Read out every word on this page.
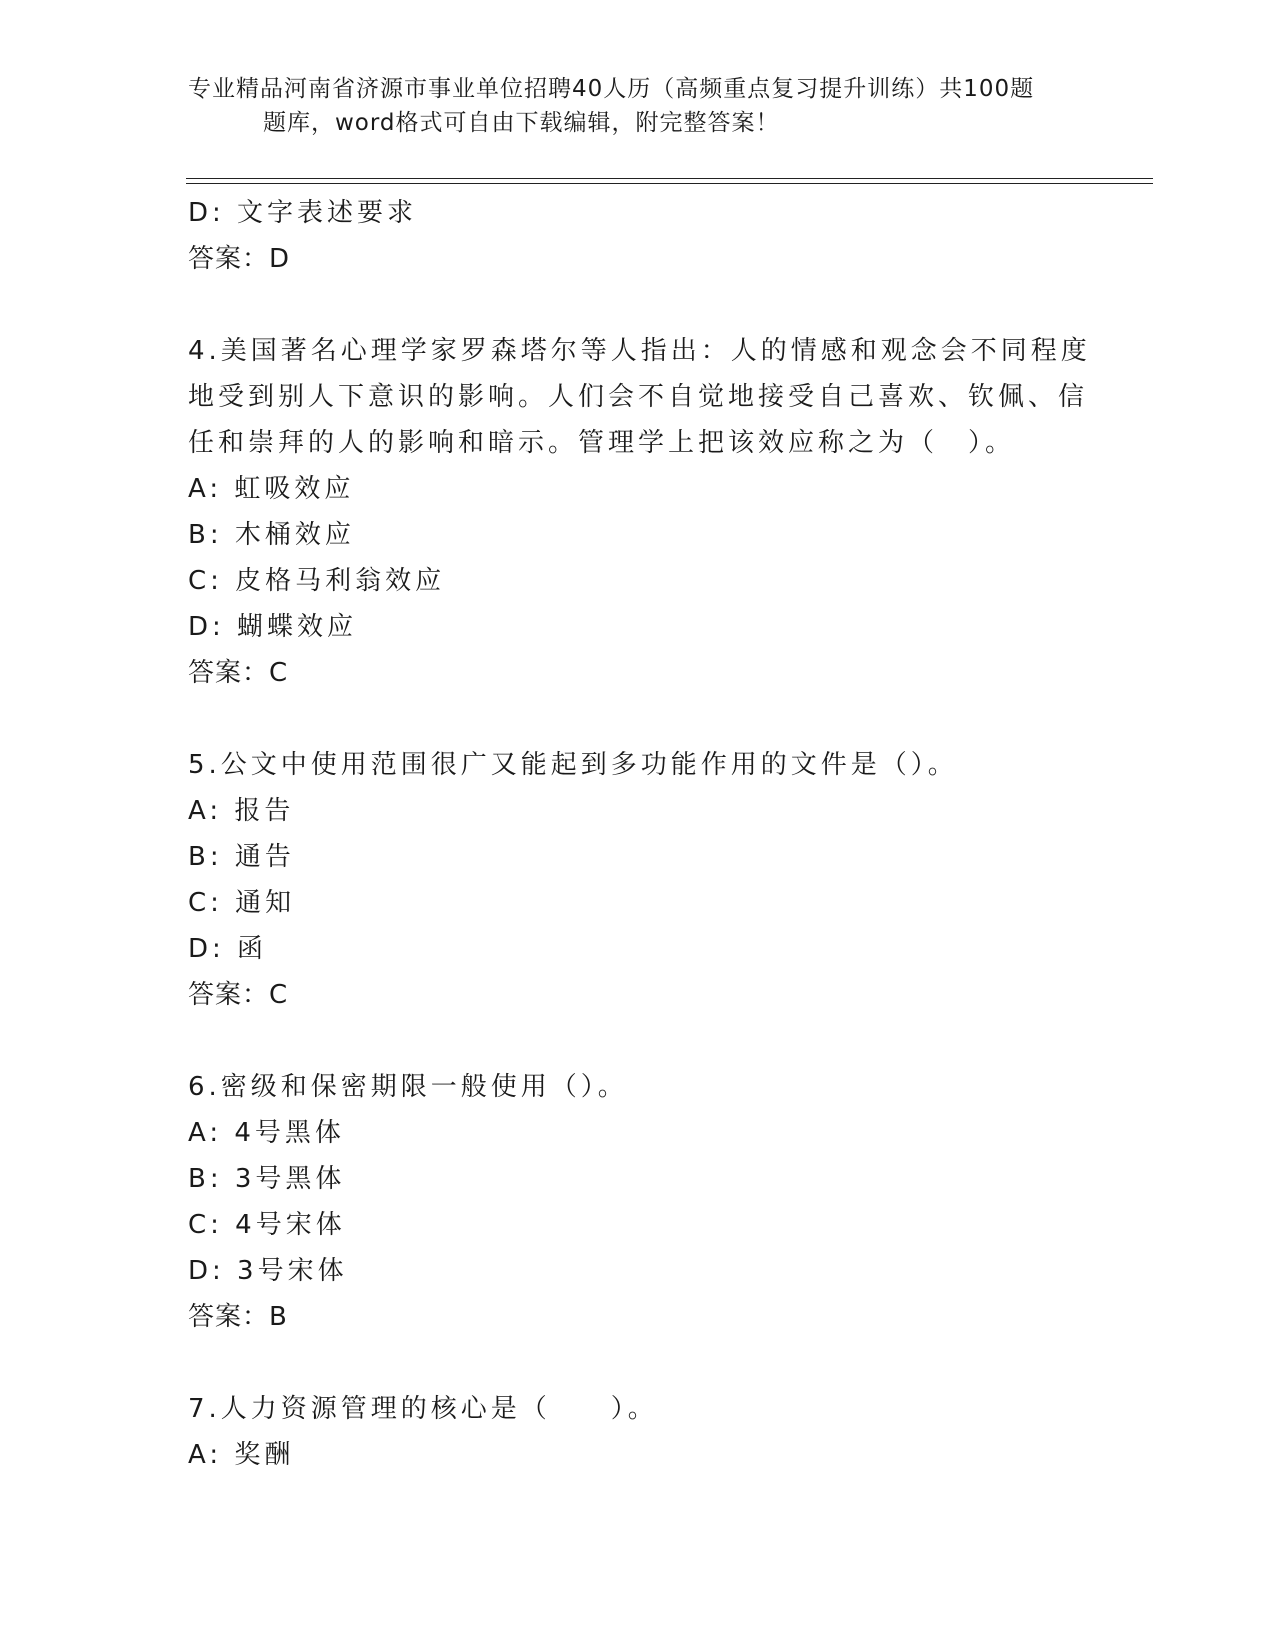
专业精品河南省济源市事业单位招聘40人历（高频重点复习提升训练）共100题
题库，word格式可自由下载编辑，附完整答案！
D: 文字表述要求
答案：D
4.美国著名心理学家罗森塔尔等人指出：人的情感和观念会不同程度
地受到别人下意识的影响。人们会不自觉地接受自己喜欢、钦佩、信
任和崇拜的人的影响和暗示。管理学上把该效应称之为（　）。
A: 虹吸效应
B: 木桶效应
C: 皮格马利翁效应
D: 蝴蝶效应
答案：C
5.公文中使用范围很广又能起到多功能作用的文件是（）。
A: 报告
B: 通告
C: 通知
D: 函
答案：C
6.密级和保密期限一般使用（）。
A: 4号黑体
B: 3号黑体
C: 4号宋体
D: 3号宋体
答案：B
7.人力资源管理的核心是（　　）。
A: 奖酬
